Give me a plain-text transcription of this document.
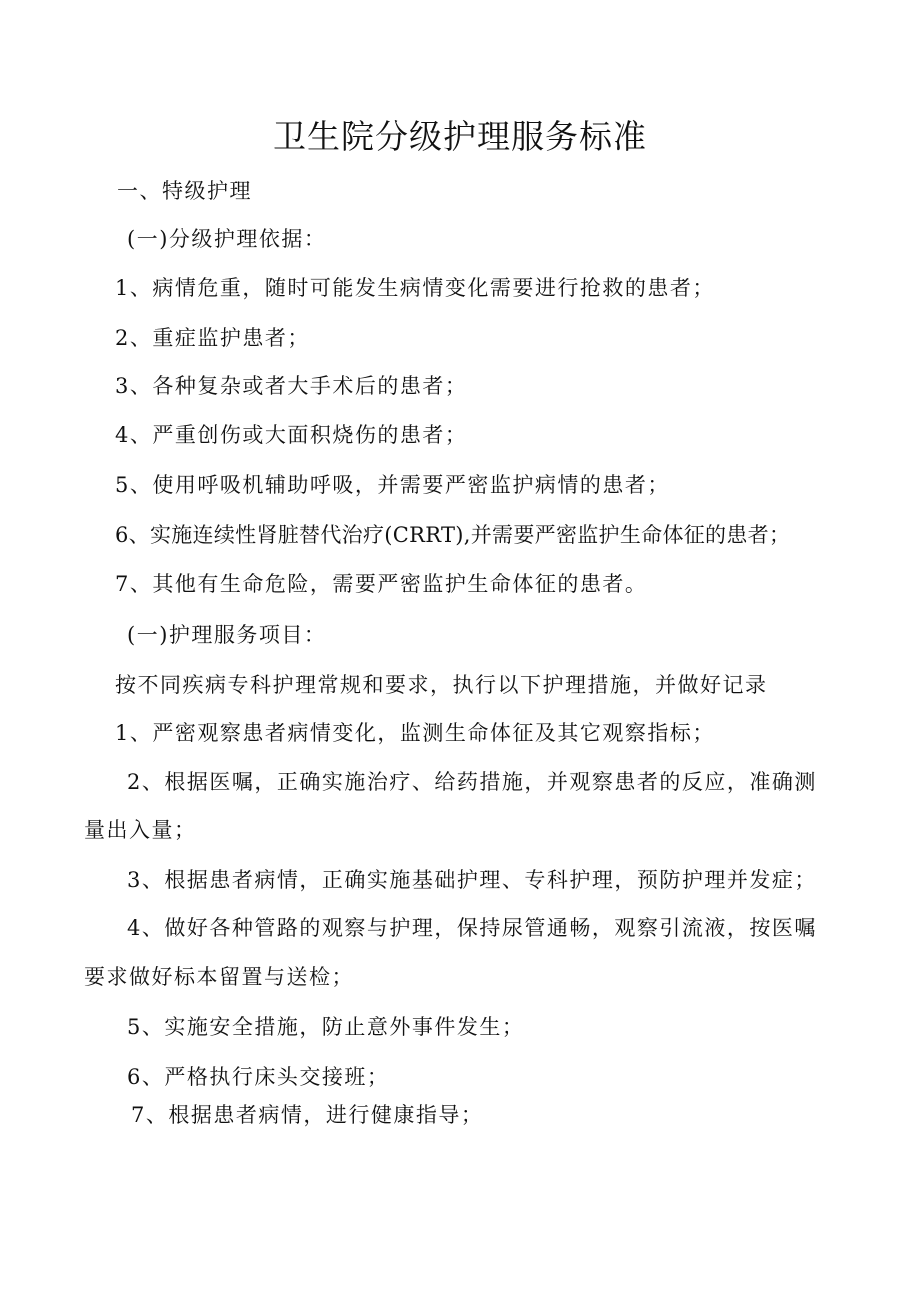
卫生院分级护理服务标准
一、特级护理
(一)分级护理依据：
1、病情危重，随时可能发生病情变化需要进行抢救的患者；
2、重症监护患者；
3、各种复杂或者大手术后的患者；
4、严重创伤或大面积烧伤的患者；
5、使用呼吸机辅助呼吸，并需要严密监护病情的患者；
6、实施连续性肾脏替代治疗(CRRT),并需要严密监护生命体征的患者；
7、其他有生命危险，需要严密监护生命体征的患者。
(一)护理服务项目：
按不同疾病专科护理常规和要求，执行以下护理措施，并做好记录
1、严密观察患者病情变化，监测生命体征及其它观察指标；
2、根据医嘱，正确实施治疗、给药措施，并观察患者的反应，准确测
量出入量；
3、根据患者病情，正确实施基础护理、专科护理，预防护理并发症；
4、做好各种管路的观察与护理，保持尿管通畅，观察引流液，按医嘱
要求做好标本留置与送检；
5、实施安全措施，防止意外事件发生；
6、严格执行床头交接班；
7、根据患者病情，进行健康指导；
